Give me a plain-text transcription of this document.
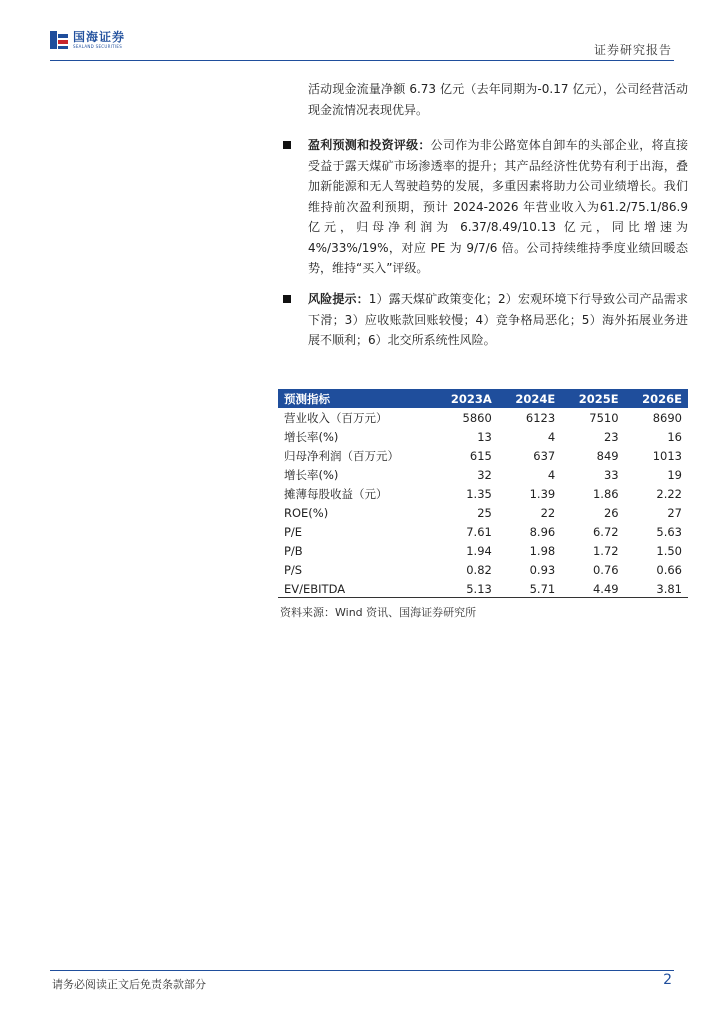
国海证券
SEALAND SECURITIES	证券研究报告
活动现金流量净额 6.73 亿元（去年同期为-0.17 亿元），公司经营活动现金流情况表现优异。
盈利预测和投资评级：公司作为非公路宽体自卸车的头部企业，将直接受益于露天煤矿市场渗透率的提升；其产品经济性优势有利于出海，叠加新能源和无人驾驶趋势的发展，多重因素将助力公司业绩增长。我们维持前次盈利预期，预计 2024-2026 年营业收入为61.2/75.1/86.9 亿元，归母净利润为 6.37/8.49/10.13 亿元，同比增速为 4%/33%/19%，对应 PE 为 9/7/6 倍。公司持续维持季度业绩回暖态势，维持“买入”评级。
风险提示：1）露天煤矿政策变化；2）宏观环境下行导致公司产品需求下滑；3）应收账款回账较慢；4）竞争格局恶化；5）海外拓展业务进展不顺利；6）北交所系统性风险。
预测指标	2023A	2024E	2025E	2026E
营业收入（百万元）	5860	6123	7510	8690
增长率(%)	13	4	23	16
归母净利润（百万元）	615	637	849	1013
增长率(%)	32	4	33	19
摊薄每股收益（元）	1.35	1.39	1.86	2.22
ROE(%)	25	22	26	27
P/E	7.61	8.96	6.72	5.63
P/B	1.94	1.98	1.72	1.50
P/S	0.82	0.93	0.76	0.66
EV/EBITDA	5.13	5.71	4.49	3.81
资料来源：Wind 资讯、国海证券研究所
请务必阅读正文后免责条款部分	2
